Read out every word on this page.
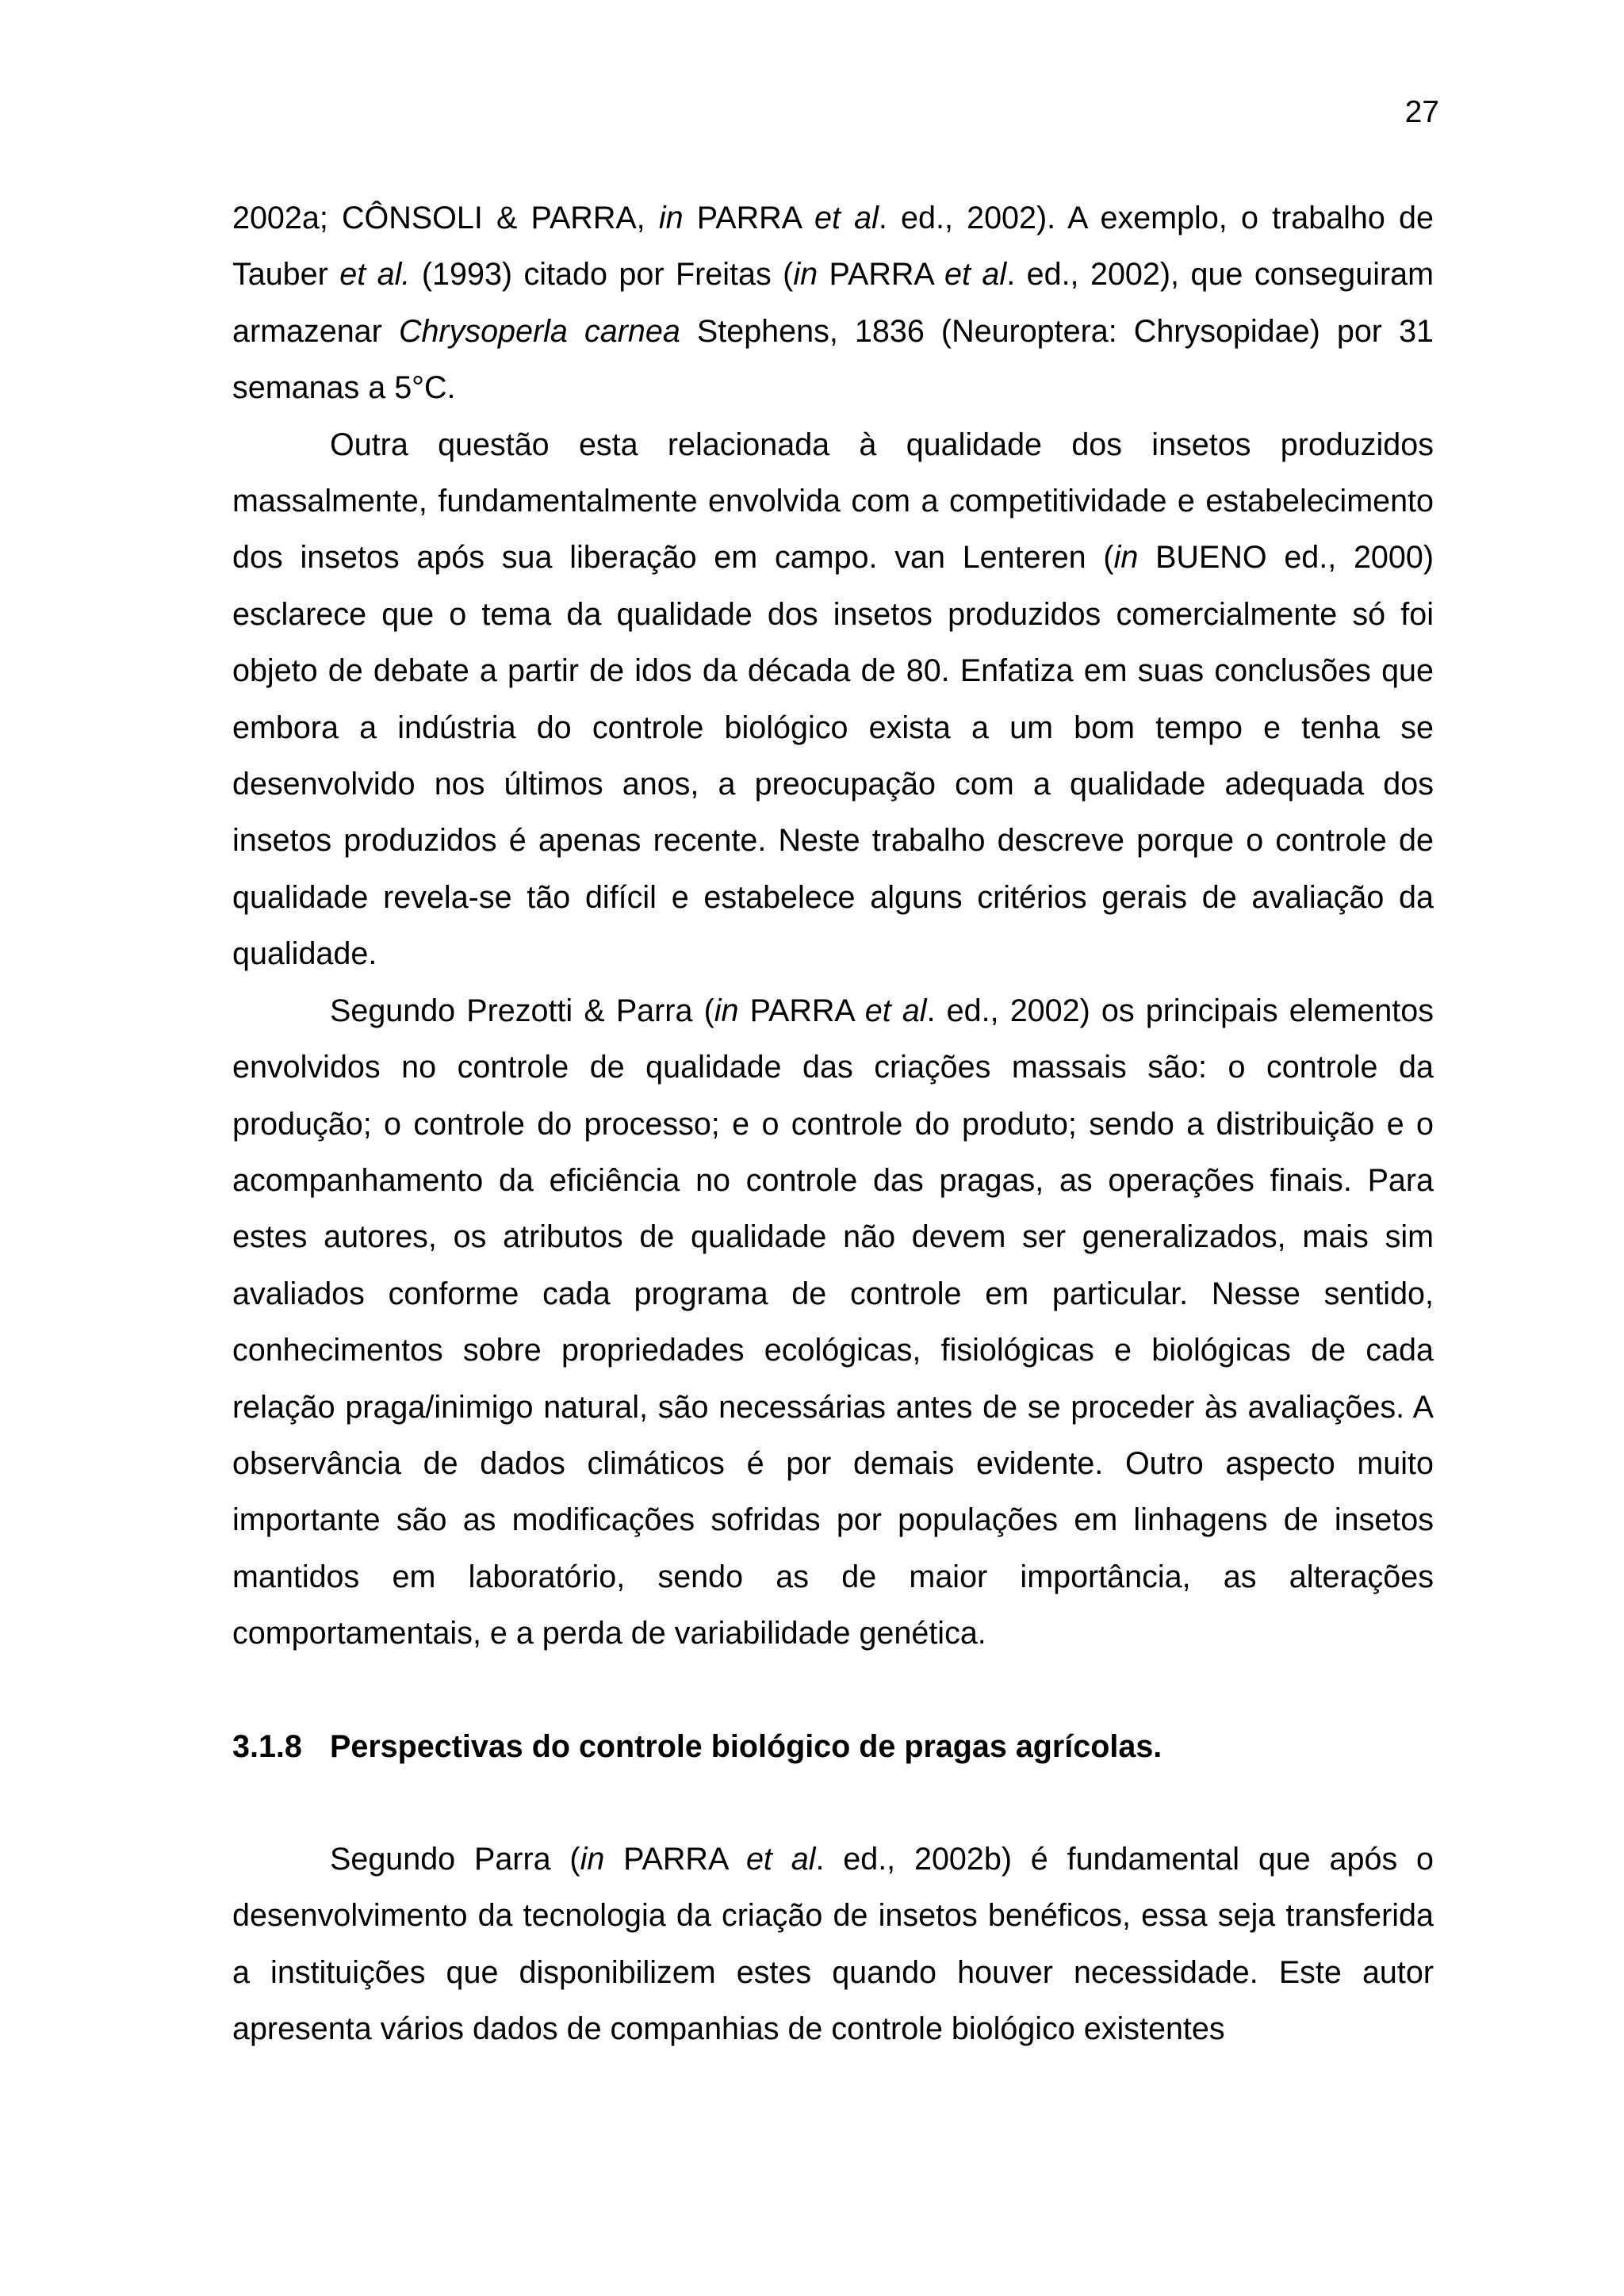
27

2002a; CÔNSOLI & PARRA, in PARRA et al. ed., 2002). A exemplo, o trabalho de Tauber et al. (1993) citado por Freitas (in PARRA et al. ed., 2002), que conseguiram armazenar Chrysoperla carnea Stephens, 1836 (Neuroptera: Chrysopidae) por 31 semanas a 5°C.

Outra questão esta relacionada à qualidade dos insetos produzidos massalmente, fundamentalmente envolvida com a competitividade e estabelecimento dos insetos após sua liberação em campo. van Lenteren (in BUENO ed., 2000) esclarece que o tema da qualidade dos insetos produzidos comercialmente só foi objeto de debate a partir de idos da década de 80. Enfatiza em suas conclusões que embora a indústria do controle biológico exista a um bom tempo e tenha se desenvolvido nos últimos anos, a preocupação com a qualidade adequada dos insetos produzidos é apenas recente. Neste trabalho descreve porque o controle de qualidade revela-se tão difícil e estabelece alguns critérios gerais de avaliação da qualidade.

Segundo Prezotti & Parra (in PARRA et al. ed., 2002) os principais elementos envolvidos no controle de qualidade das criações massais são: o controle da produção; o controle do processo; e o controle do produto; sendo a distribuição e o acompanhamento da eficiência no controle das pragas, as operações finais. Para estes autores, os atributos de qualidade não devem ser generalizados, mais sim avaliados conforme cada programa de controle em particular. Nesse sentido, conhecimentos sobre propriedades ecológicas, fisiológicas e biológicas de cada relação praga/inimigo natural, são necessárias antes de se proceder às avaliações. A observância de dados climáticos é por demais evidente. Outro aspecto muito importante são as modificações sofridas por populações em linhagens de insetos mantidos em laboratório, sendo as de maior importância, as alterações comportamentais, e a perda de variabilidade genética.

3.1.8 Perspectivas do controle biológico de pragas agrícolas.

Segundo Parra (in PARRA et al. ed., 2002b) é fundamental que após o desenvolvimento da tecnologia da criação de insetos benéficos, essa seja transferida a instituições que disponibilizem estes quando houver necessidade. Este autor apresenta vários dados de companhias de controle biológico existentes
